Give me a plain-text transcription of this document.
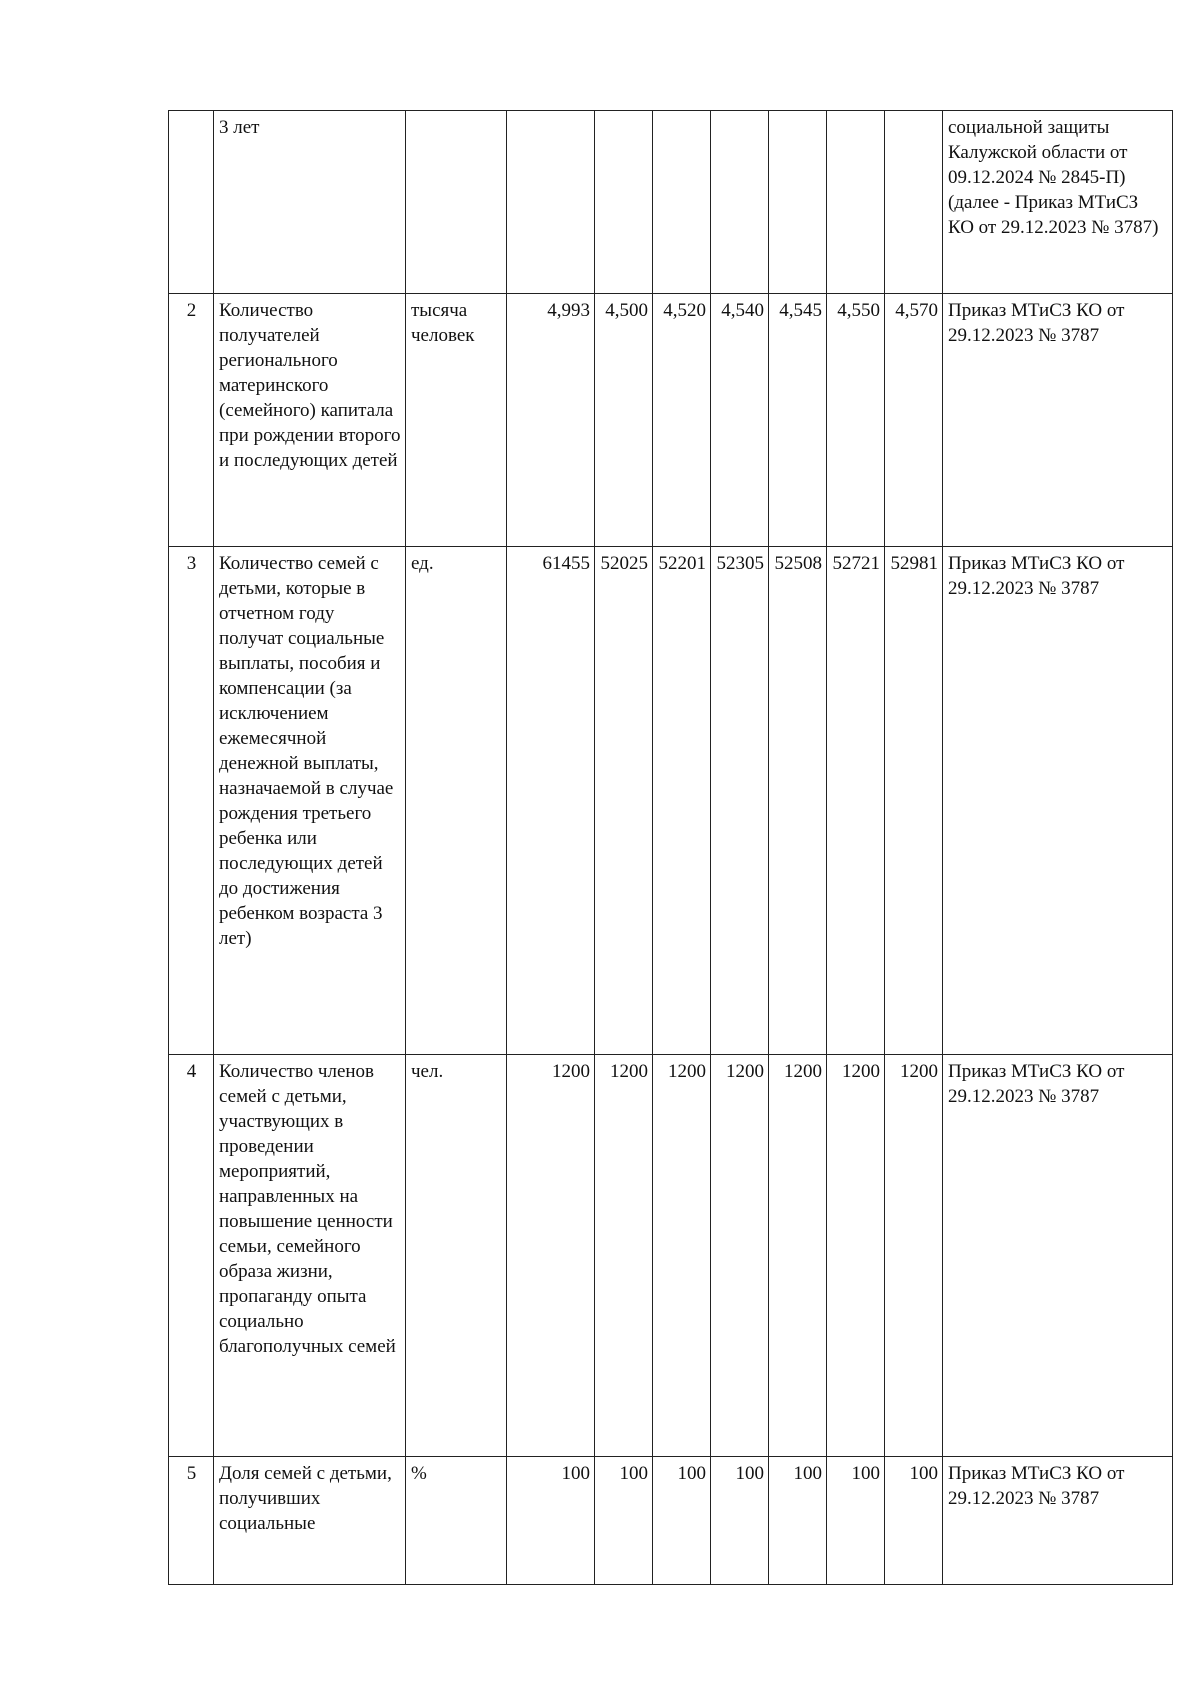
	3 лет									социальной защиты Калужской области от 09.12.2024 № 2845-П) (далее - Приказ МТиСЗ КО от 29.12.2023 № 3787)
2	Количество получателей регионального материнского (семейного) капитала при рождении второго и последующих детей	тысяча человек	4,993	4,500	4,520	4,540	4,545	4,550	4,570	Приказ МТиСЗ КО от 29.12.2023 № 3787
3	Количество семей с детьми, которые в отчетном году получат социальные выплаты, пособия и компенсации (за исключением ежемесячной денежной выплаты, назначаемой в случае рождения третьего ребенка или последующих детей до достижения ребенком возраста 3 лет)	ед.	61455	52025	52201	52305	52508	52721	52981	Приказ МТиСЗ КО от 29.12.2023 № 3787
4	Количество членов семей с детьми, участвующих в проведении мероприятий, направленных на повышение ценности семьи, семейного образа жизни, пропаганду опыта социально благополучных семей	чел.	1200	1200	1200	1200	1200	1200	1200	Приказ МТиСЗ КО от 29.12.2023 № 3787
5	Доля семей с детьми, получивших социальные	%	100	100	100	100	100	100	100	Приказ МТиСЗ КО от 29.12.2023 № 3787
